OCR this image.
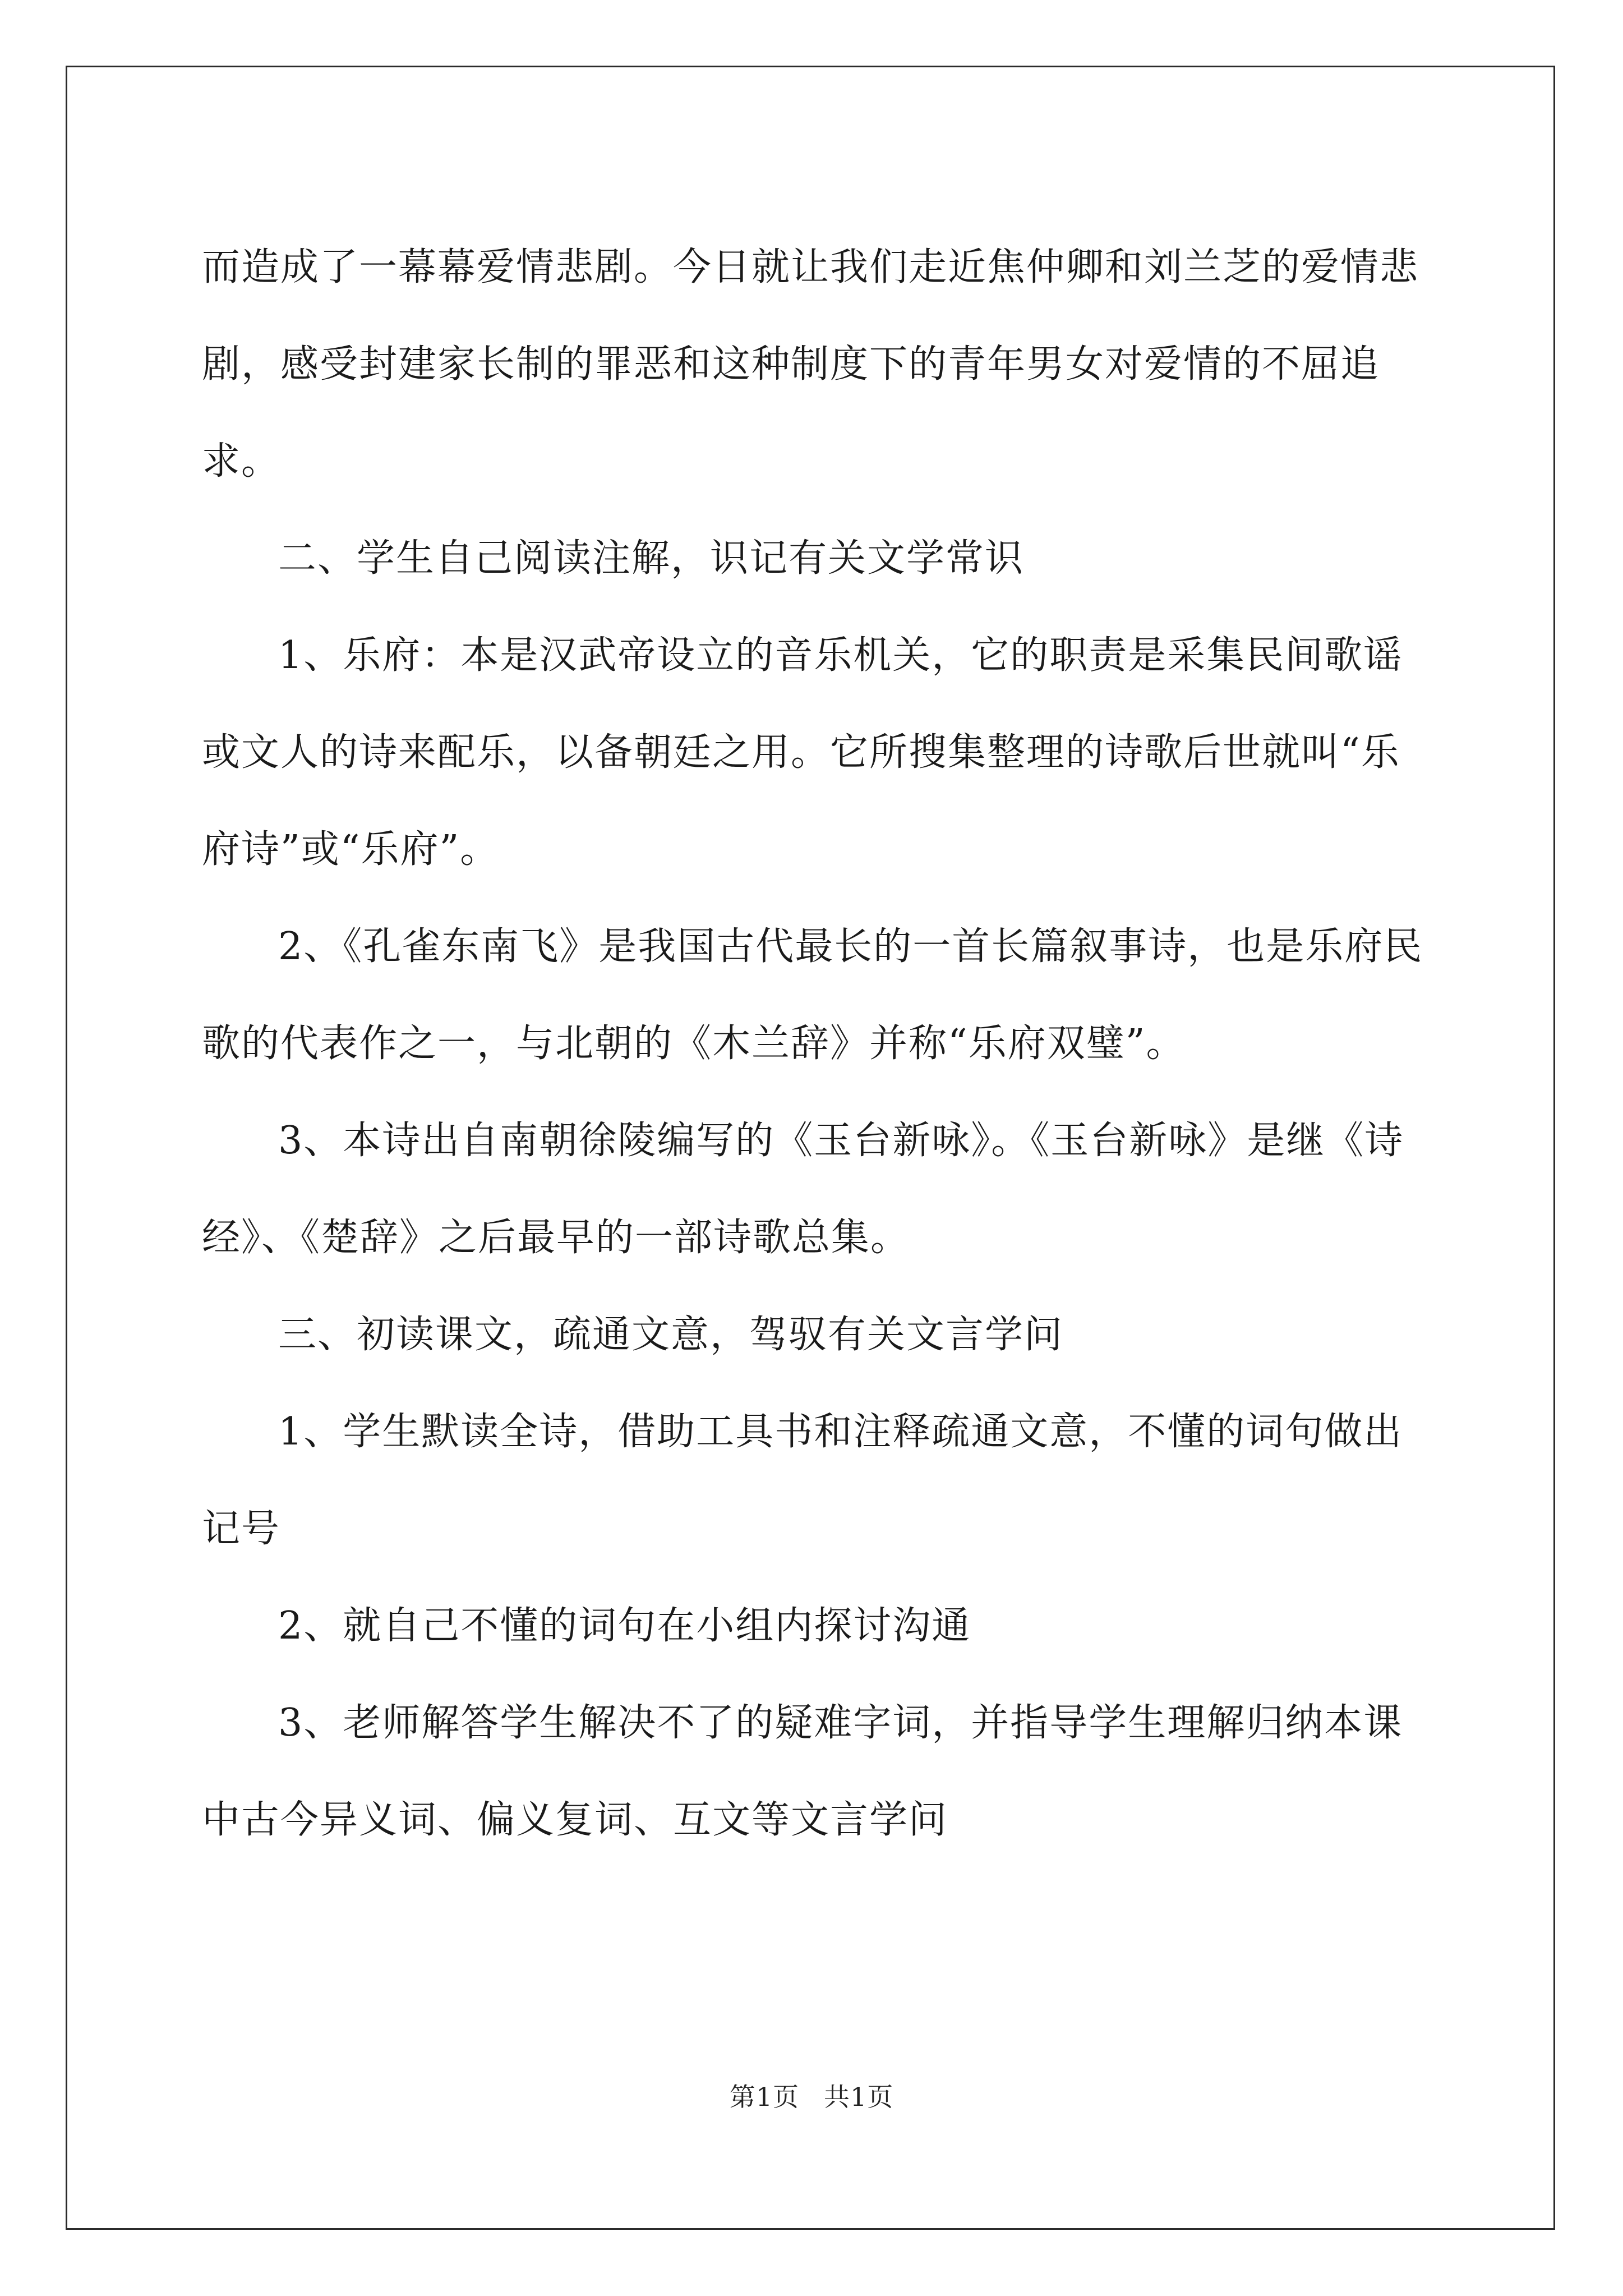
而造成了一幕幕爱情悲剧。今日就让我们走近焦仲卿和刘兰芝的爱情悲剧，感受封建家长制的罪恶和这种制度下的青年男女对爱情的不屈追求。

二、学生自己阅读注解，识记有关文学常识

1、乐府：本是汉武帝设立的音乐机关，它的职责是采集民间歌谣或文人的诗来配乐，以备朝廷之用。它所搜集整理的诗歌后世就叫“乐府诗”或“乐府”。

2、《孔雀东南飞》是我国古代最长的一首长篇叙事诗，也是乐府民歌的代表作之一，与北朝的《木兰辞》并称“乐府双璧”。

3、本诗出自南朝徐陵编写的《玉台新咏》。《玉台新咏》是继《诗经》、《楚辞》之后最早的一部诗歌总集。

三、初读课文，疏通文意，驾驭有关文言学问

1、学生默读全诗，借助工具书和注释疏通文意，不懂的词句做出记号

2、就自己不懂的词句在小组内探讨沟通

3、老师解答学生解决不了的疑难字词，并指导学生理解归纳本课中古今异义词、偏义复词、互文等文言学问

第1页 共1页
